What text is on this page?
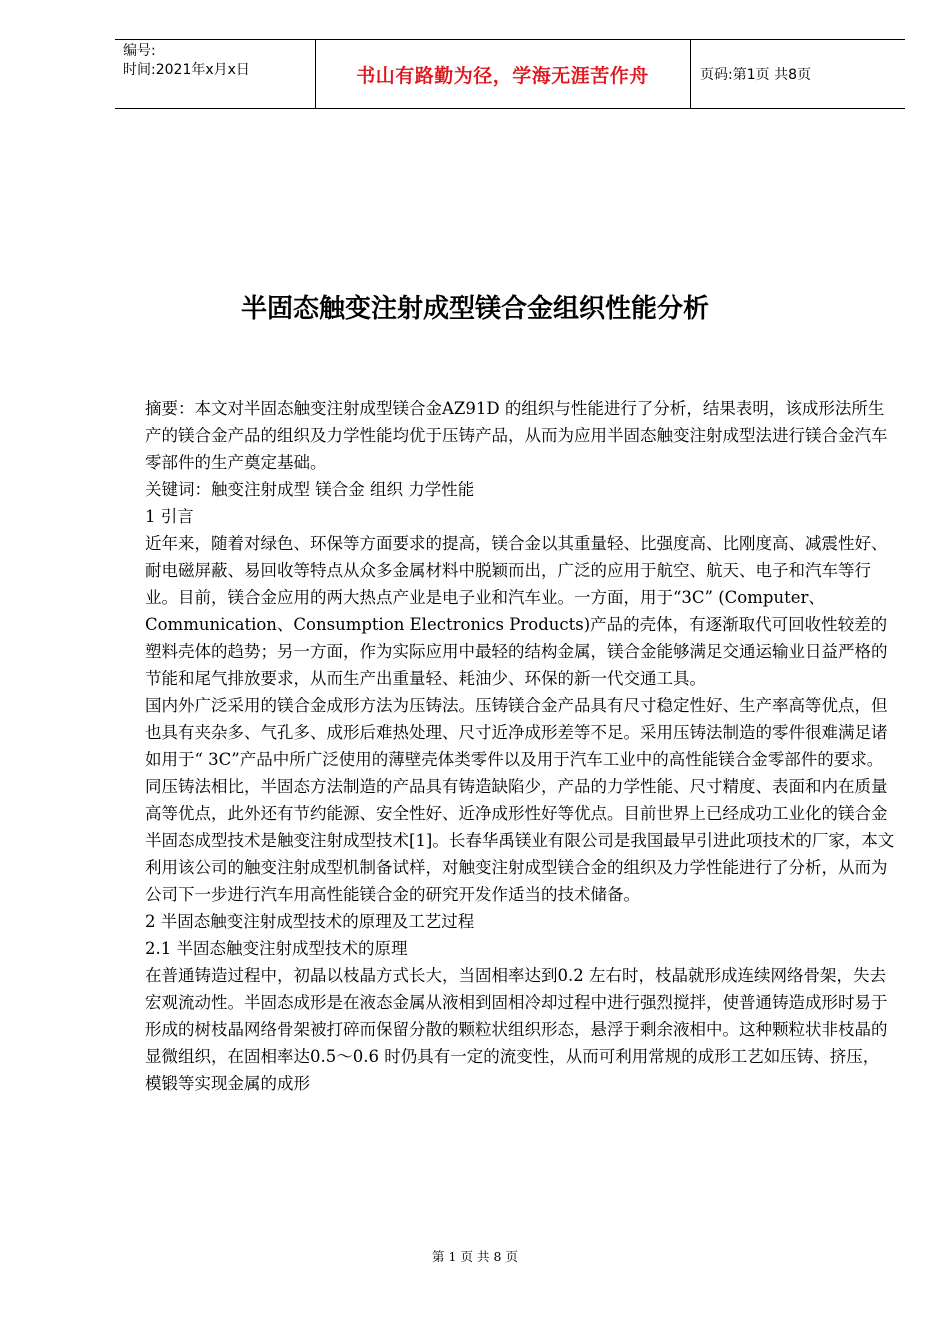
编号:
时间:2021年x月x日	书山有路勤为径，学海无涯苦作舟	页码:第1页 共8页
半固态触变注射成型镁合金组织性能分析

摘要：本文对半固态触变注射成型镁合金AZ91D 的组织与性能进行了分析，结果表明，该成形法所生产的镁合金产品的组织及力学性能均优于压铸产品，从而为应用半固态触变注射成型法进行镁合金汽车零部件的生产奠定基础。

关键词：触变注射成型 镁合金 组织 力学性能

1 引言

近年来，随着对绿色、环保等方面要求的提高，镁合金以其重量轻、比强度高、比刚度高、减震性好、耐电磁屏蔽、易回收等特点从众多金属材料中脱颖而出，广泛的应用于航空、航天、电子和汽车等行业。目前，镁合金应用的两大热点产业是电子业和汽车业。一方面，用于“3C” (Computer、Communication、Consumption Electronics Products)产品的壳体，有逐渐取代可回收性较差的塑料壳体的趋势；另一方面，作为实际应用中最轻的结构金属，镁合金能够满足交通运输业日益严格的节能和尾气排放要求，从而生产出重量轻、耗油少、环保的新一代交通工具。

国内外广泛采用的镁合金成形方法为压铸法。压铸镁合金产品具有尺寸稳定性好、生产率高等优点，但也具有夹杂多、气孔多、成形后难热处理、尺寸近净成形差等不足。采用压铸法制造的零件很难满足诸如用于“ 3C”产品中所广泛使用的薄壁壳体类零件以及用于汽车工业中的高性能镁合金零部件的要求。

同压铸法相比，半固态方法制造的产品具有铸造缺陷少，产品的力学性能、尺寸精度、表面和内在质量高等优点，此外还有节约能源、安全性好、近净成形性好等优点。目前世界上已经成功工业化的镁合金半固态成型技术是触变注射成型技术[1]。长春华禹镁业有限公司是我国最早引进此项技术的厂家，本文利用该公司的触变注射成型机制备试样，对触变注射成型镁合金的组织及力学性能进行了分析，从而为公司下一步进行汽车用高性能镁合金的研究开发作适当的技术储备。

2 半固态触变注射成型技术的原理及工艺过程

2.1 半固态触变注射成型技术的原理

在普通铸造过程中，初晶以枝晶方式长大，当固相率达到0.2 左右时，枝晶就形成连续网络骨架，失去宏观流动性。半固态成形是在液态金属从液相到固相冷却过程中进行强烈搅拌，使普通铸造成形时易于形成的树枝晶网络骨架被打碎而保留分散的颗粒状组织形态，悬浮于剩余液相中。这种颗粒状非枝晶的显微组织，在固相率达0.5～0.6 时仍具有一定的流变性，从而可利用常规的成形工艺如压铸、挤压，模锻等实现金属的成形

第 1 页 共 8 页
